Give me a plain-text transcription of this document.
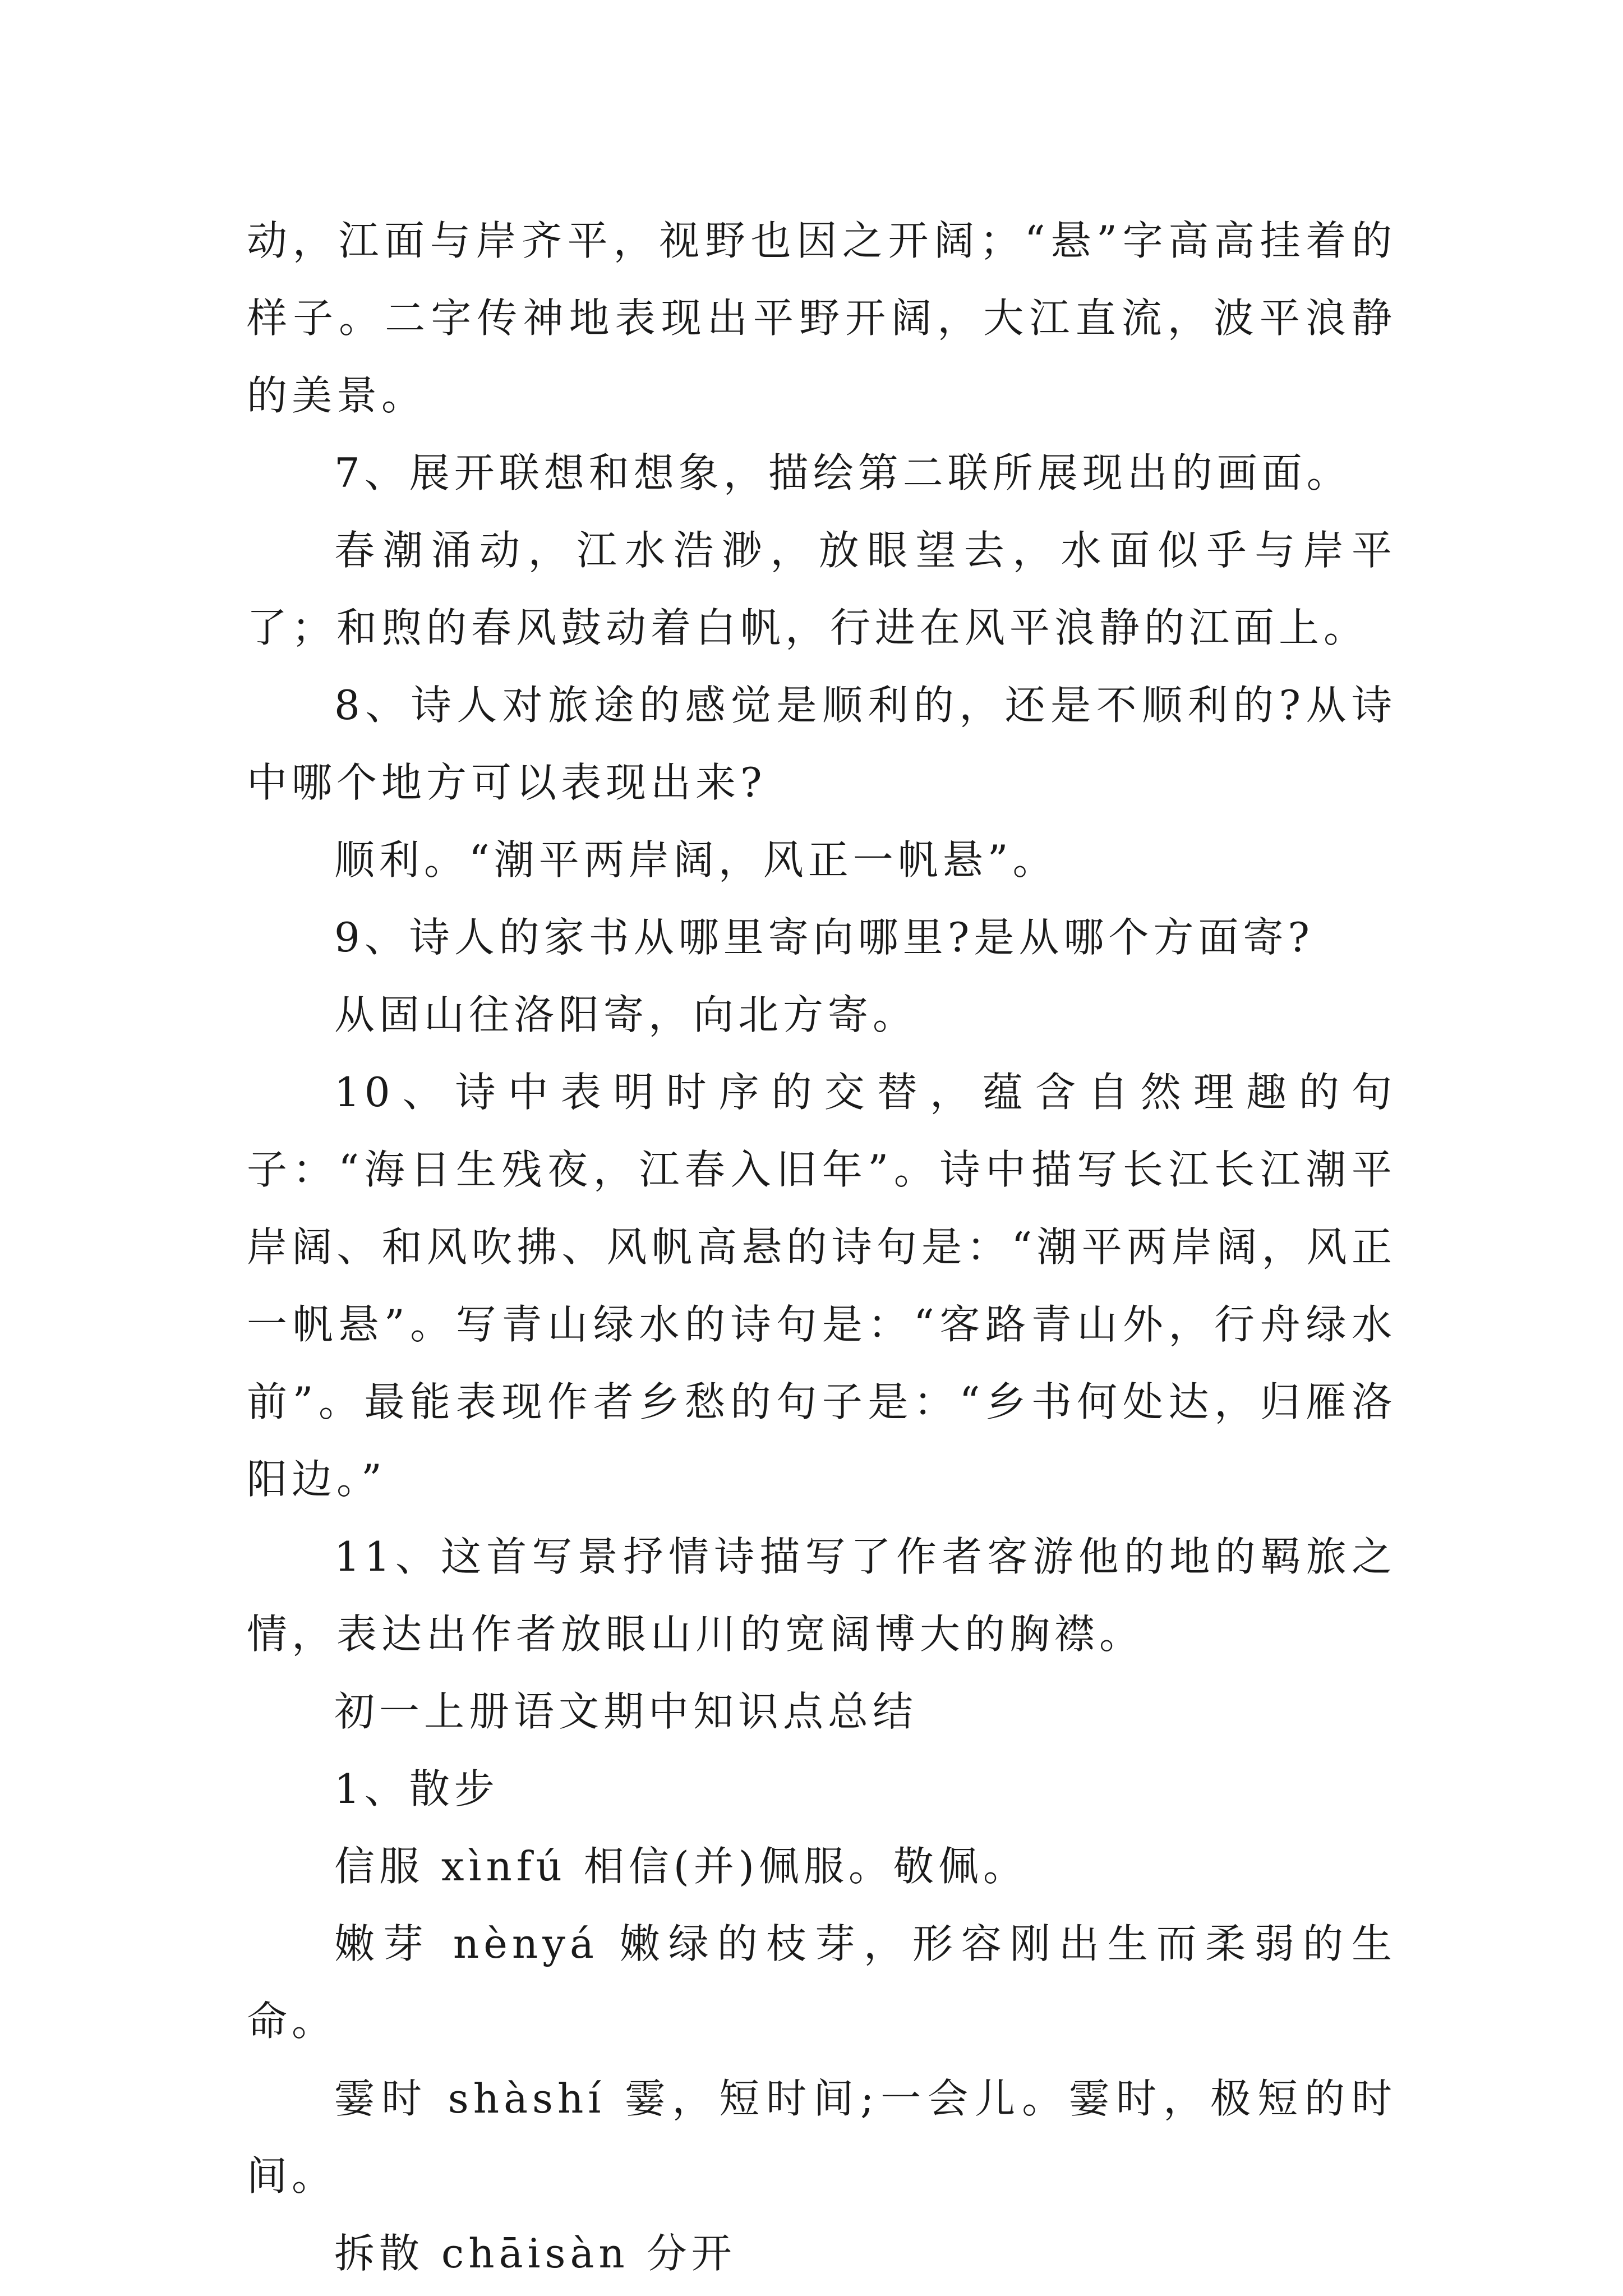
动，江面与岸齐平，视野也因之开阔；“悬”字高高挂着的样子。二字传神地表现出平野开阔，大江直流，波平浪静的美景。

7、展开联想和想象，描绘第二联所展现出的画面。

春潮涌动，江水浩渺，放眼望去，水面似乎与岸平了；和煦的春风鼓动着白帆，行进在风平浪静的江面上。

8、诗人对旅途的感觉是顺利的，还是不顺利的?从诗中哪个地方可以表现出来?

顺利。“潮平两岸阔，风正一帆悬”。

9、诗人的家书从哪里寄向哪里?是从哪个方面寄?

从固山往洛阳寄，向北方寄。

10、诗中表明时序的交替，蕴含自然理趣的句子：“海日生残夜，江春入旧年”。诗中描写长江长江潮平岸阔、和风吹拂、风帆高悬的诗句是：“潮平两岸阔，风正一帆悬”。写青山绿水的诗句是：“客路青山外，行舟绿水前”。最能表现作者乡愁的句子是：“乡书何处达，归雁洛阳边。”

11、这首写景抒情诗描写了作者客游他的地的羁旅之情，表达出作者放眼山川的宽阔博大的胸襟。

初一上册语文期中知识点总结

1、散步

信服 xìnfú 相信(并)佩服。敬佩。

嫩芽 nènyá 嫩绿的枝芽，形容刚出生而柔弱的生命。

霎时 shàshí 霎，短时间;一会儿。霎时，极短的时间。

拆散 chāisàn 分开
